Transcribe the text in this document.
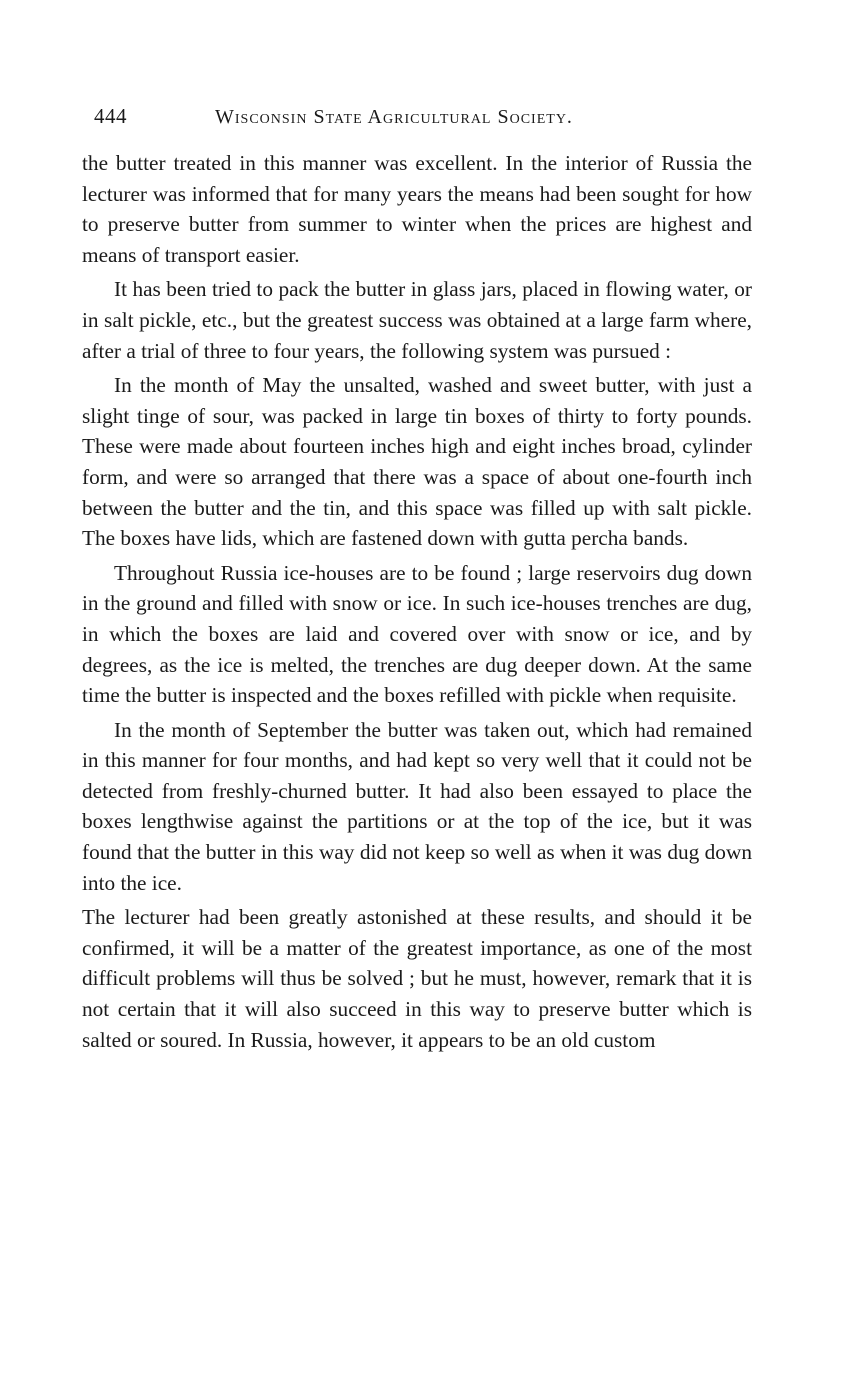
444	Wisconsin State Agricultural Society.

the butter treated in this manner was excellent. In the interior of Russia the lecturer was informed that for many years the means had been sought for how to preserve butter from summer to winter when the prices are highest and means of transport easier.

It has been tried to pack the butter in glass jars, placed in flowing water, or in salt pickle, etc., but the greatest success was obtained at a large farm where, after a trial of three to four years, the following system was pursued :

In the month of May the unsalted, washed and sweet butter, with just a slight tinge of sour, was packed in large tin boxes of thirty to forty pounds. These were made about fourteen inches high and eight inches broad, cylinder form, and were so arranged that there was a space of about one-fourth inch between the butter and the tin, and this space was filled up with salt pickle. The boxes have lids, which are fastened down with gutta percha bands.

Throughout Russia ice-houses are to be found ; large reservoirs dug down in the ground and filled with snow or ice. In such ice-houses trenches are dug, in which the boxes are laid and covered over with snow or ice, and by degrees, as the ice is melted, the trenches are dug deeper down. At the same time the butter is inspected and the boxes refilled with pickle when requisite.

In the month of September the butter was taken out, which had remained in this manner for four months, and had kept so very well that it could not be detected from freshly-churned butter. It had also been essayed to place the boxes lengthwise against the partitions or at the top of the ice, but it was found that the butter in this way did not keep so well as when it was dug down into the ice.

The lecturer had been greatly astonished at these results, and should it be confirmed, it will be a matter of the greatest importance, as one of the most difficult problems will thus be solved ; but he must, however, remark that it is not certain that it will also succeed in this way to preserve butter which is salted or soured. In Russia, however, it appears to be an old custom
